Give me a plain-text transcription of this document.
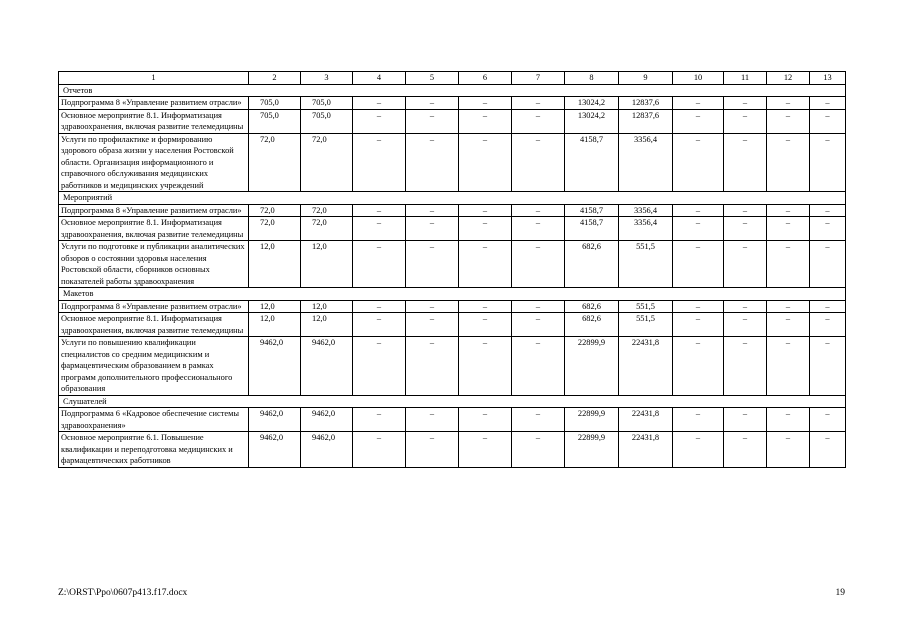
1	2	3	4	5	6	7	8	9	10	11	12	13
Отчетов												
Подпрограмма 8 «Управление развитием отрасли»	705,0	705,0	–	–	–	–	13024,2	12837,6	–	–	–	–
Основное мероприятие 8.1. Информатизация здравоохранения, включая развитие телемедицины	705,0	705,0	–	–	–	–	13024,2	12837,6	–	–	–	–
Услуги по профилактике и формированию здорового образа жизни у населения Ростовской области. Организация информационного и справочного обслуживания медицинских работников и медицинских учреждений	72,0	72,0	–	–	–	–	4158,7	3356,4	–	–	–	–
Мероприятий												
Подпрограмма 8 «Управление развитием отрасли»	72,0	72,0	–	–	–	–	4158,7	3356,4	–	–	–	–
Основное мероприятие 8.1. Информатизация здравоохранения, включая развитие телемедицины	72,0	72,0	–	–	–	–	4158,7	3356,4	–	–	–	–
Услуги по подготовке и публикации аналитических обзоров о состоянии здоровья населения Ростовской области, сборников основных показателей работы здравоохранения	12,0	12,0	–	–	–	–	682,6	551,5	–	–	–	–
Макетов												
Подпрограмма 8 «Управление развитием отрасли»	12,0	12,0	–	–	–	–	682,6	551,5	–	–	–	–
Основное мероприятие 8.1. Информатизация здравоохранения, включая развитие телемедицины	12,0	12,0	–	–	–	–	682,6	551,5	–	–	–	–
Услуги по повышению квалификации специалистов со средним медицинским и фармацевтическим образованием в рамках программ дополнительного профессионального образования	9462,0	9462,0	–	–	–	–	22899,9	22431,8	–	–	–	–
Слушателей												
Подпрограмма 6 «Кадровое обеспечение системы здравоохранения»	9462,0	9462,0	–	–	–	–	22899,9	22431,8	–	–	–	–
Основное мероприятие 6.1. Повышение квалификации и переподготовка медицинских и фармацевтических работников	9462,0	9462,0	–	–	–	–	22899,9	22431,8	–	–	–	–
Z:\ORST\Ppo\0607p413.f17.docx	19
